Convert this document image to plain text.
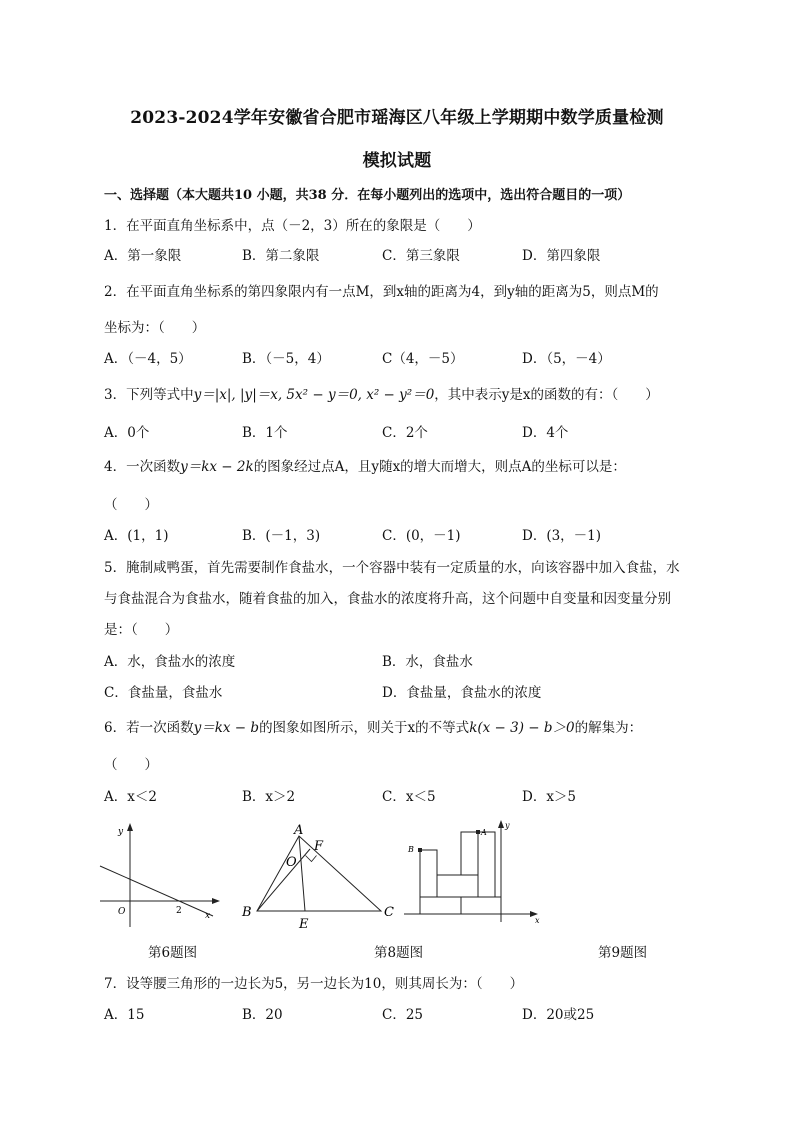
2023-2024学年安徽省合肥市瑶海区八年级上学期期中数学质量检测
模拟试题
一、选择题（本大题共10 小题，共38 分．在每小题列出的选项中，选出符合题目的一项）
1．在平面直角坐标系中，点（－2，3）所在的象限是（　　）
A．第一象限	B．第二象限	C．第三象限	D．第四象限
2．在平面直角坐标系的第四象限内有一点M，到x轴的距离为4，到y轴的距离为5，则点M的
坐标为：（　　）
A．（－4，5）	B．（－5，4）	C（4，－5）	D．（5，－4）
3．下列等式中y＝|x|, |y|＝x, 5x² − y＝0, x² − y²＝0，其中表示y是x的函数的有：（　　）
A．0个	B．1个	C．2个	D．4个
4．一次函数y＝kx − 2k的图象经过点A，且y随x的增大而增大，则点A的坐标可以是：
（　　）
A．(1，1)	B．(－1，3)	C．(0，－1)	D．(3，－1)
5．腌制咸鸭蛋，首先需要制作食盐水，一个容器中装有一定质量的水，向该容器中加入食盐，水
与食盐混合为食盐水，随着食盐的加入，食盐水的浓度将升高，这个问题中自变量和因变量分别
是：（　　）
A．水，食盐水的浓度	B．水，食盐水
C．食盐量，食盐水	D．食盐量，食盐水的浓度
6．若一次函数y＝kx − b的图象如图所示，则关于x的不等式k(x − 3) − b＞0的解集为：
（　　）
A．x＜2	B．x＞2	C．x＜5	D．x＞5
y
x
O	2
第6题图
A
B	C
E
F
O
第8题图
B
A
y
x
第9题图
7．设等腰三角形的一边长为5，另一边长为10，则其周长为：（　　）
A．15	B．20	C．25	D．20或25
